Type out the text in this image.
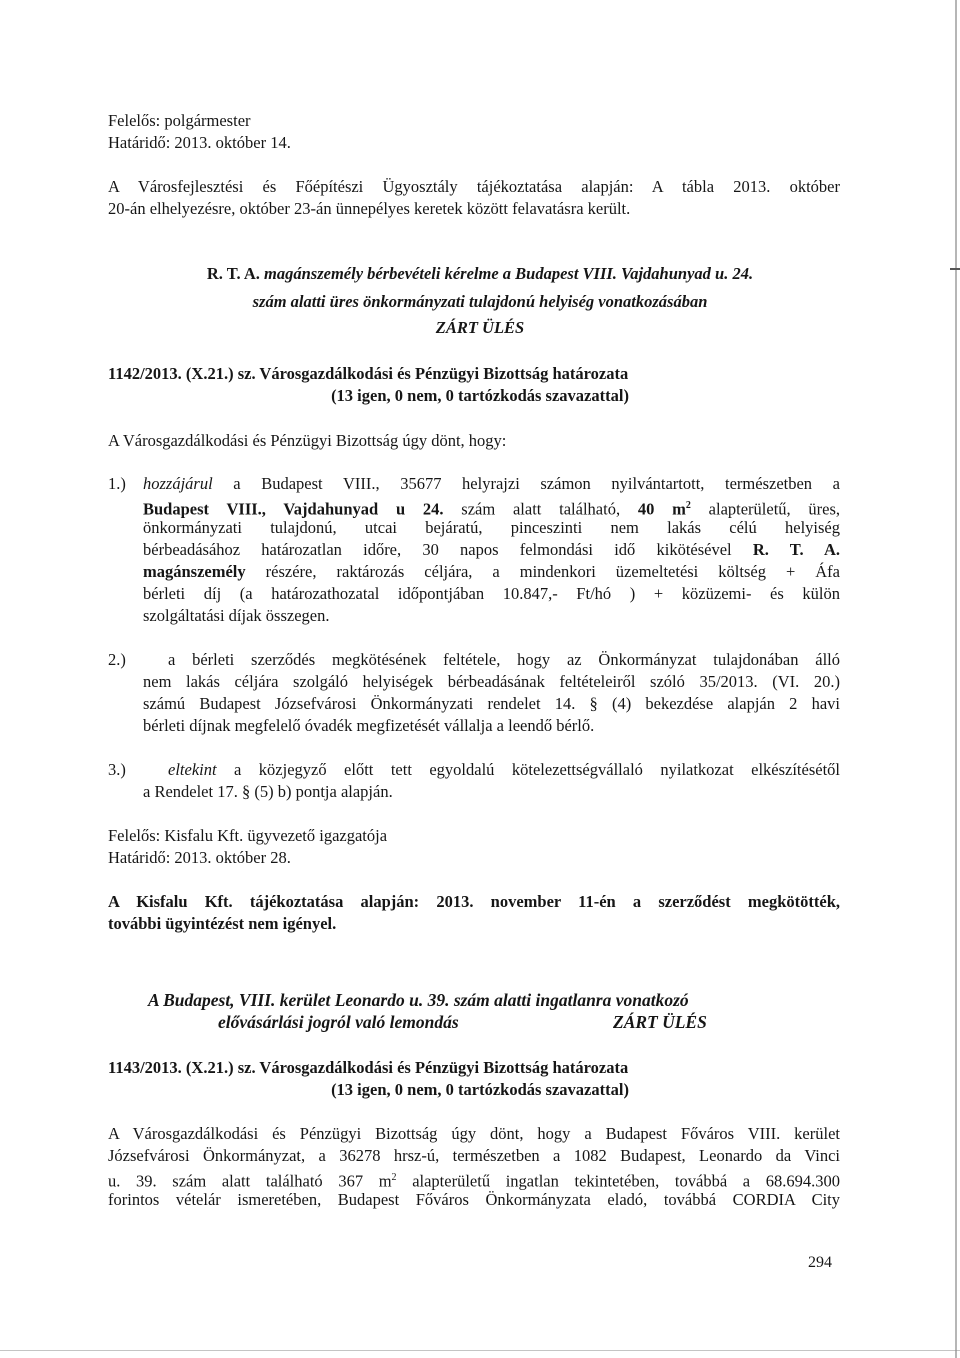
Felelős: polgármester
Határidő: 2013. október 14.
A Városfejlesztési és Főépítészi Ügyosztály tájékoztatása alapján: A tábla 2013. október
20-án elhelyezésre, október 23-án ünnepélyes keretek között felavatásra került.
R. T. A. magánszemély bérbevételi kérelme a Budapest VIII. Vajdahunyad u. 24.
szám alatti üres önkormányzati tulajdonú helyiség vonatkozásában
ZÁRT ÜLÉS
1142/2013. (X.21.) sz. Városgazdálkodási és Pénzügyi Bizottság határozata
(13 igen, 0 nem, 0 tartózkodás szavazattal)
A Városgazdálkodási és Pénzügyi Bizottság úgy dönt, hogy:
1.) hozzájárul a Budapest VIII., 35677 helyrajzi számon nyilvántartott, természetben a
Budapest VIII., Vajdahunyad u 24. szám alatt található, 40 $m^2$ alapterületű, üres,
önkormányzati tulajdonú, utcai bejáratú, pinceszinti nem lakás célú helyiség
bérbeadásához határozatlan időre, 30 napos felmondási idő kikötésével R. T. A.
magánszemély részére, raktározás céljára, a mindenkori üzemeltetési költség + Áfa
bérleti díj (a határozathozatal időpontjában 10.847,- Ft/hó ) + közüzemi- és külön
szolgáltatási díjak összegen.
2.)	a bérleti szerződés megkötésének feltétele, hogy az Önkormányzat tulajdonában álló
nem lakás céljára szolgáló helyiségek bérbeadásának feltételeiről szóló 35/2013. (VI. 20.)
számú Budapest Józsefvárosi Önkormányzati rendelet 14. § (4) bekezdése alapján 2 havi
bérleti díjnak megfelelő óvadék megfizetését vállalja a leendő bérlő.
3.)	eltekint a közjegyző előtt tett egyoldalú kötelezettségvállaló nyilatkozat elkészítésétől
a Rendelet 17. § (5) b) pontja alapján.
Felelős: Kisfalu Kft. ügyvezető igazgatója
Határidő: 2013. október 28.
A Kisfalu Kft. tájékoztatása alapján: 2013. november 11-én a szerződést megkötötték,
további ügyintézést nem igényel.
A Budapest, VIII. kerület Leonardo u. 39. szám alatti ingatlanra vonatkozó
elővásárlási jogról való lemondás	ZÁRT ÜLÉS
1143/2013. (X.21.) sz. Városgazdálkodási és Pénzügyi Bizottság határozata
(13 igen, 0 nem, 0 tartózkodás szavazattal)
A Városgazdálkodási és Pénzügyi Bizottság úgy dönt, hogy a Budapest Főváros VIII. kerület
Józsefvárosi Önkormányzat, a 36278 hrsz-ú, természetben a 1082 Budapest, Leonardo da Vinci
u. 39. szám alatt található 367 $m^2$ alapterületű ingatlan tekintetében, továbbá a 68.694.300
forintos vételár ismeretében, Budapest Főváros Önkormányzata eladó, továbbá CORDIA City
294
